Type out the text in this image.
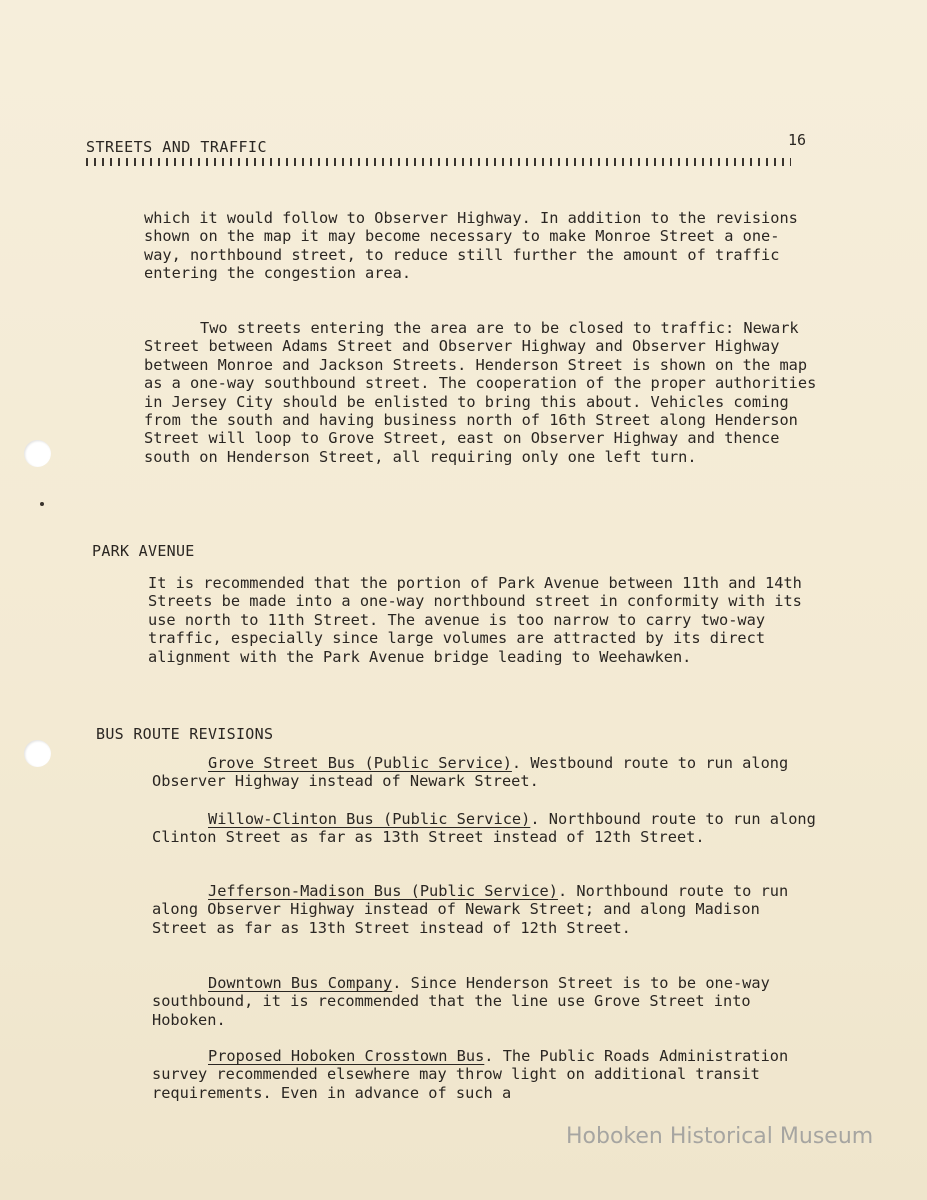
STREETS AND TRAFFIC	16

which it would follow to Observer Highway. In addition to the revisions shown on the map it may become necessary to make Monroe Street a one-way, northbound street, to reduce still further the amount of traffic entering the congestion area.

Two streets entering the area are to be closed to traffic: Newark Street between Adams Street and Observer Highway and Observer Highway between Monroe and Jackson Streets. Henderson Street is shown on the map as a one-way southbound street. The cooperation of the proper authorities in Jersey City should be enlisted to bring this about. Vehicles coming from the south and having business north of 16th Street along Henderson Street will loop to Grove Street, east on Observer Highway and thence south on Henderson Street, all requiring only one left turn.

PARK AVENUE

It is recommended that the portion of Park Avenue between 11th and 14th Streets be made into a one-way northbound street in conformity with its use north to 11th Street. The avenue is too narrow to carry two-way traffic, especially since large volumes are attracted by its direct alignment with the Park Avenue bridge leading to Weehawken.

BUS ROUTE REVISIONS

Grove Street Bus (Public Service). Westbound route to run along Observer Highway instead of Newark Street.

Willow-Clinton Bus (Public Service). Northbound route to run along Clinton Street as far as 13th Street instead of 12th Street.

Jefferson-Madison Bus (Public Service). Northbound route to run along Observer Highway instead of Newark Street; and along Madison Street as far as 13th Street instead of 12th Street.

Downtown Bus Company. Since Henderson Street is to be one-way southbound, it is recommended that the line use Grove Street into Hoboken.

Proposed Hoboken Crosstown Bus. The Public Roads Administration survey recommended elsewhere may throw light on additional transit requirements. Even in advance of such a

Hoboken Historical Museum
